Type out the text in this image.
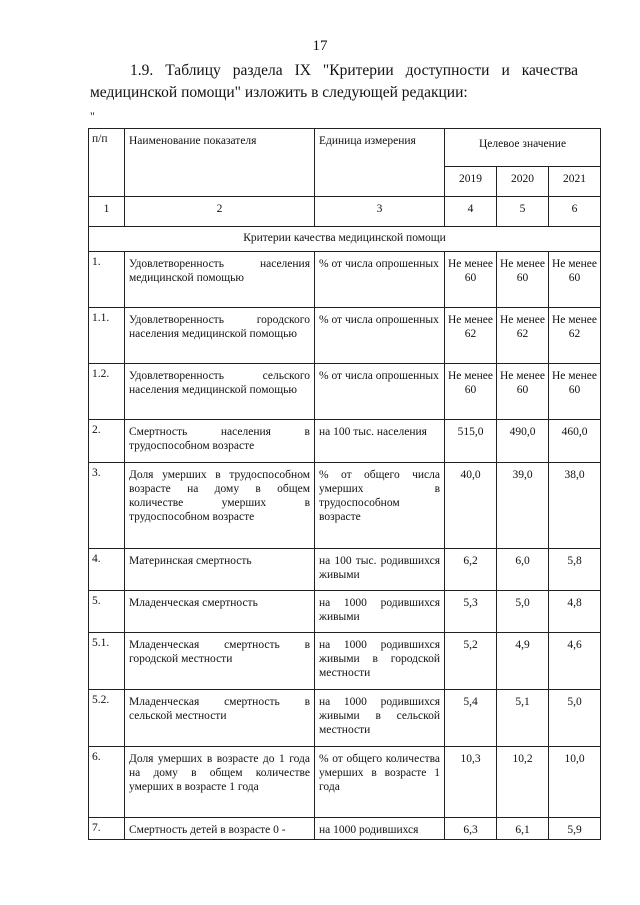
17

1.9. Таблицу раздела IX "Критерии доступности и качества

медицинской помощи" изложить в следующей редакции:

"
п/п	Наименование показателя	Единица измерения	Целевое значение		
			2019	2020	2021
1	2	3	4	5	6
Критерии качества медицинской помощи					
1.	Удовлетворенность населения медицинской помощью	% от числа опрошенных	Не менее 60	Не менее 60	Не менее 60
1.1.	Удовлетворенность городского населения медицинской помощью	% от числа опрошенных	Не менее 62	Не менее 62	Не менее 62
1.2.	Удовлетворенность сельского населения медицинской помощью	% от числа опрошенных	Не менее 60	Не менее 60	Не менее 60
2.	Смертность населения в трудоспособном возрасте	на 100 тыс. населения	515,0	490,0	460,0
3.	Доля умерших в трудоспособном возрасте на дому в общем количестве умерших в трудоспособном возрасте	% от общего числа умерших в трудоспособном возрасте	40,0	39,0	38,0
4.	Материнская смертность	на 100 тыс. родившихся живыми	6,2	6,0	5,8
5.	Младенческая смертность	на 1000 родившихся живыми	5,3	5,0	4,8
5.1.	Младенческая смертность в городской местности	на 1000 родившихся живыми в городской местности	5,2	4,9	4,6
5.2.	Младенческая смертность в сельской местности	на 1000 родившихся живыми в сельской местности	5,4	5,1	5,0
6.	Доля умерших в возрасте до 1 года на дому в общем количестве умерших в возрасте 1 года	% от общего количества умерших в возрасте 1 года	10,3	10,2	10,0
7.	Смертность детей в возрасте 0 -	на 1000 родившихся	6,3	6,1	5,9
